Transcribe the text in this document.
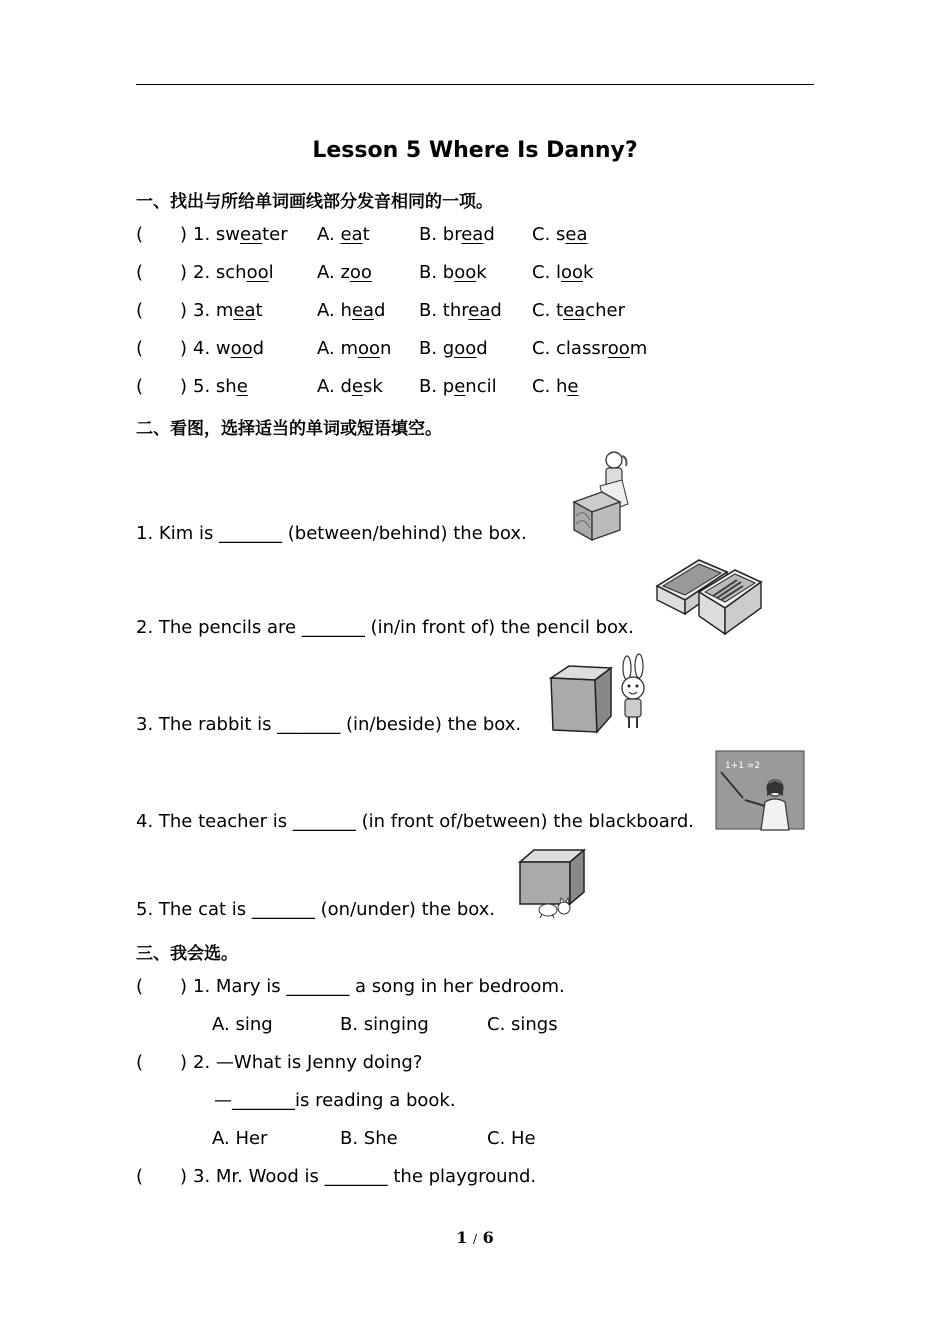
Lesson 5 Where Is Danny?
一、找出与所给单词画线部分发音相同的一项。
( ) 1. sweater A. eat	B. bread C. sea
( ) 2. school A. zoo	B. book	C. look
( ) 3. meat	A. head B. thread C. teacher
( ) 4. wood	A. moon B. good C. classroom
( ) 5. she	A. desk B. pencil C. he
二、看图，选择适当的单词或短语填空。
1. Kim is _______ (between/behind) the box.
2. The pencils are _______ (in/in front of) the pencil box.
3. The rabbit is _______ (in/beside) the box.
4. The teacher is _______ (in front of/between) the blackboard.
5. The cat is _______ (on/under) the box.
1+1 =2
三、我会选。
( ) 1. Mary is _______ a song in her bedroom.
A. sing	B. singing	C. sings
( ) 2. —What is Jenny doing?
—_______is reading a book.
A. Her	B. She	C. He
( ) 3. Mr. Wood is _______ the playground.
1 / 6
